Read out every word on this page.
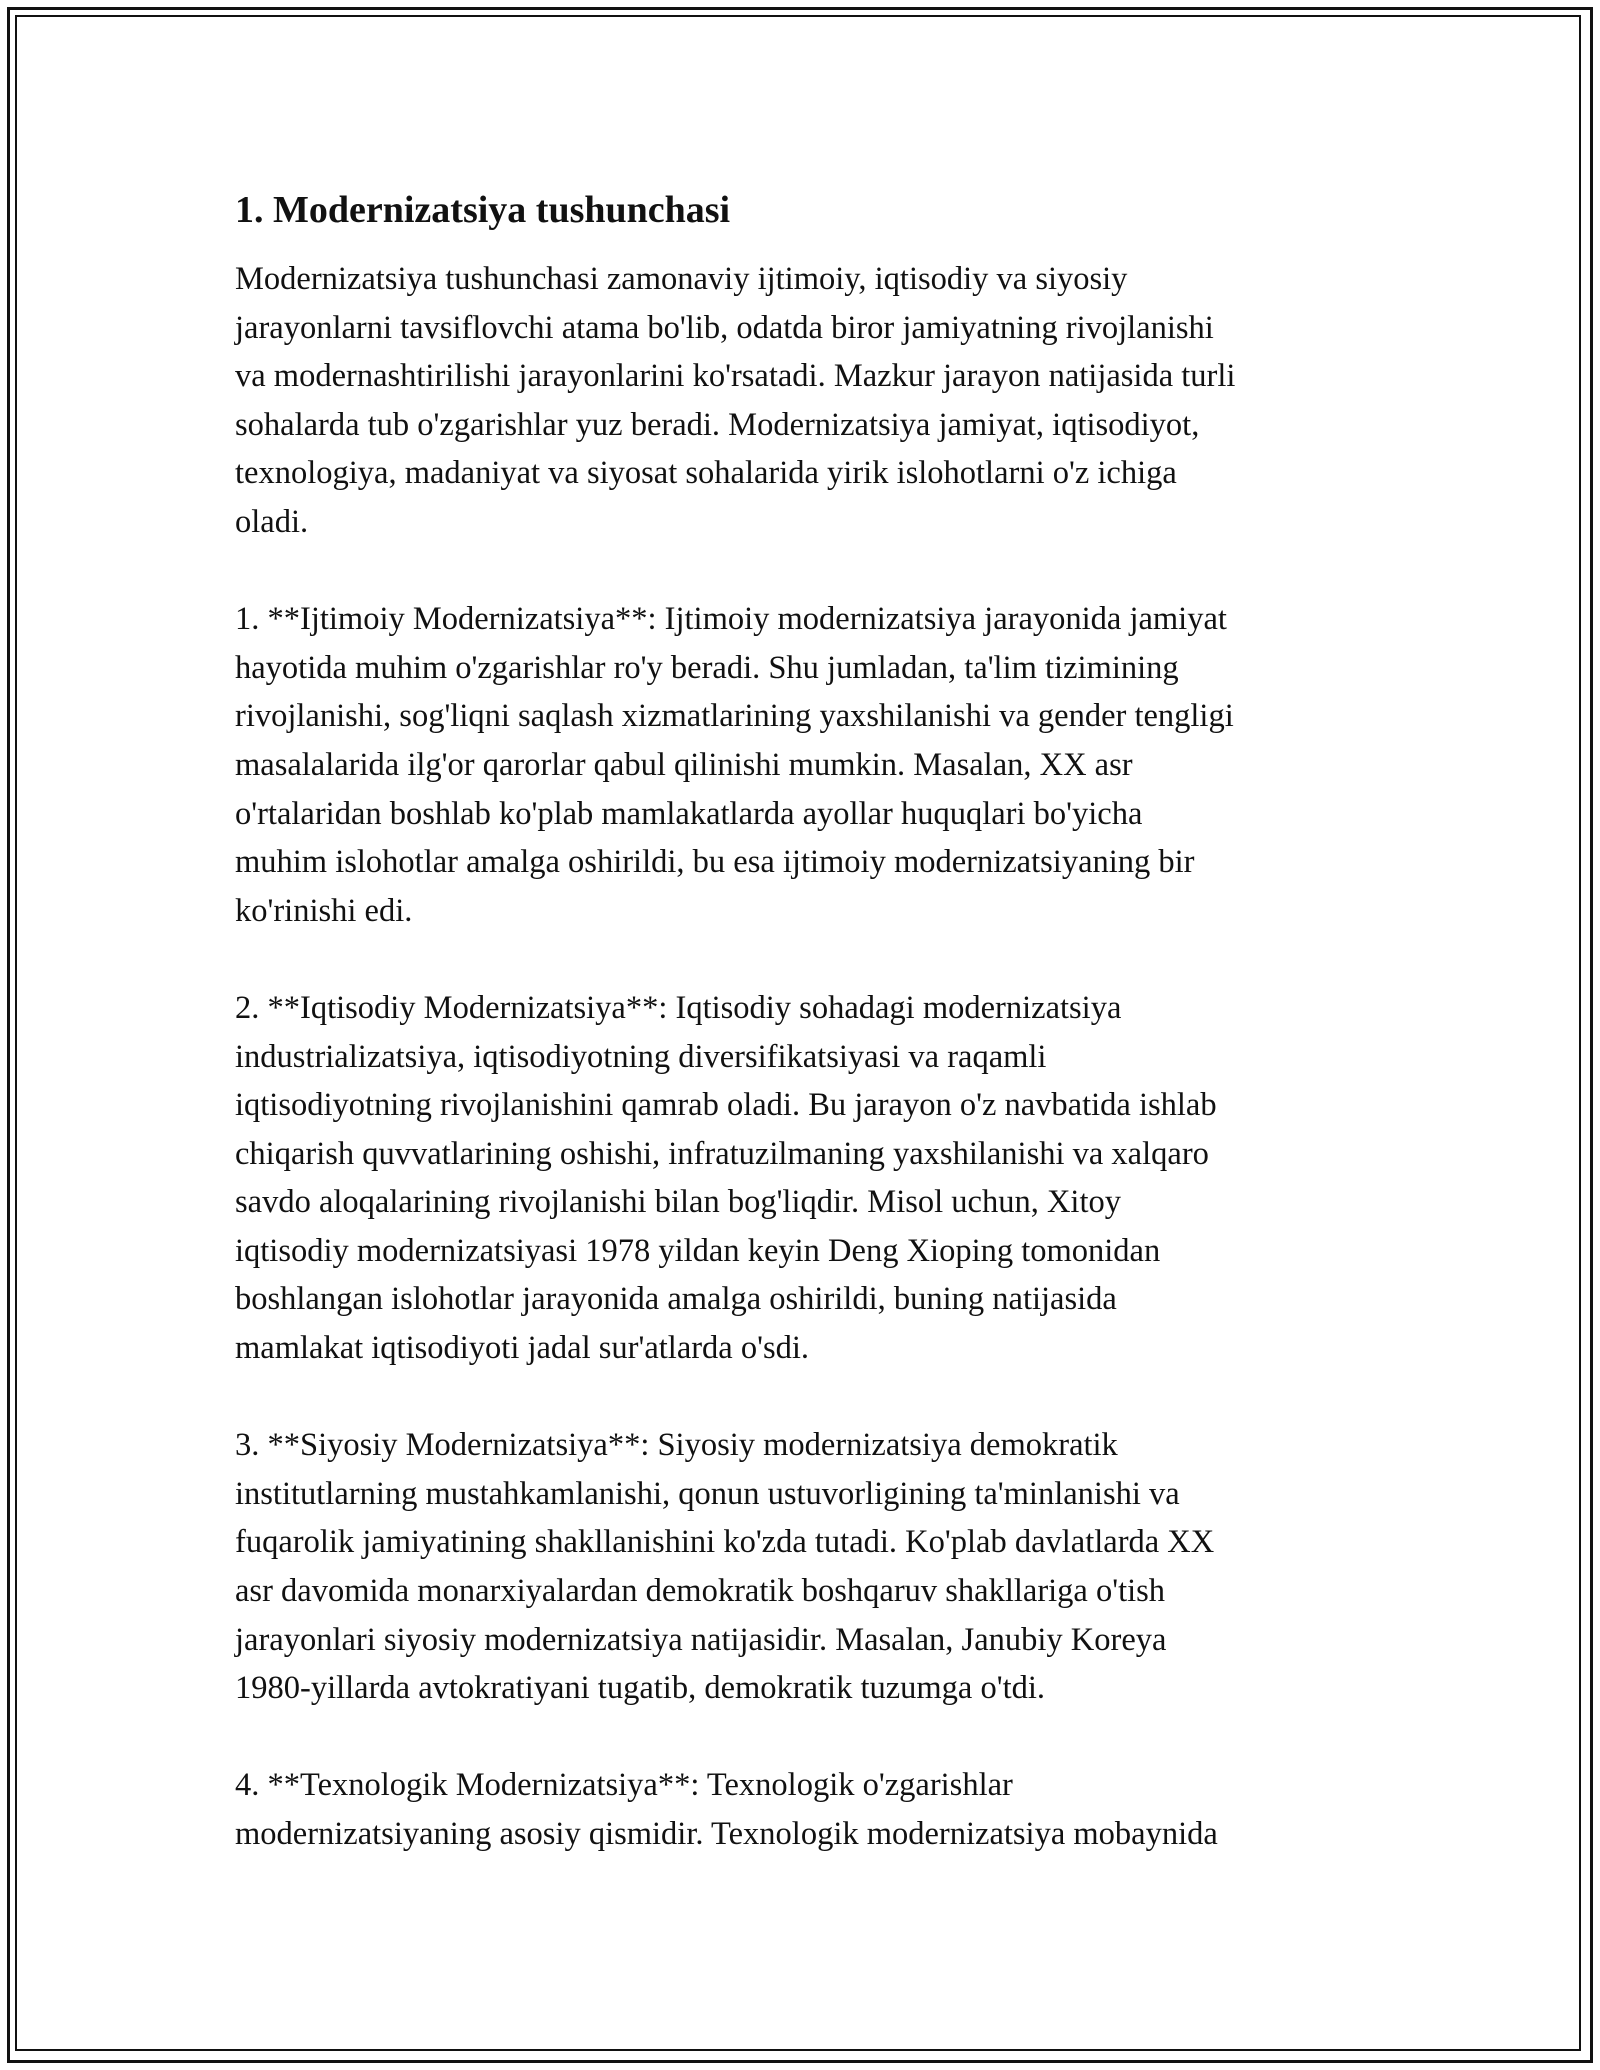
1. Modernizatsiya tushunchasi

Modernizatsiya tushunchasi zamonaviy ijtimoiy, iqtisodiy va siyosiy
jarayonlarni tavsiflovchi atama bo'lib, odatda biror jamiyatning rivojlanishi
va modernashtirilishi jarayonlarini ko'rsatadi. Mazkur jarayon natijasida turli
sohalarda tub o'zgarishlar yuz beradi. Modernizatsiya jamiyat, iqtisodiyot,
texnologiya, madaniyat va siyosat sohalarida yirik islohotlarni o'z ichiga
oladi.

1. **Ijtimoiy Modernizatsiya**: Ijtimoiy modernizatsiya jarayonida jamiyat
hayotida muhim o'zgarishlar ro'y beradi. Shu jumladan, ta'lim tizimining
rivojlanishi, sog'liqni saqlash xizmatlarining yaxshilanishi va gender tengligi
masalalarida ilg'or qarorlar qabul qilinishi mumkin. Masalan, XX asr
o'rtalaridan boshlab ko'plab mamlakatlarda ayollar huquqlari bo'yicha
muhim islohotlar amalga oshirildi, bu esa ijtimoiy modernizatsiyaning bir
ko'rinishi edi.

2. **Iqtisodiy Modernizatsiya**: Iqtisodiy sohadagi modernizatsiya
industrializatsiya, iqtisodiyotning diversifikatsiyasi va raqamli
iqtisodiyotning rivojlanishini qamrab oladi. Bu jarayon o'z navbatida ishlab
chiqarish quvvatlarining oshishi, infratuzilmaning yaxshilanishi va xalqaro
savdo aloqalarining rivojlanishi bilan bog'liqdir. Misol uchun, Xitoy
iqtisodiy modernizatsiyasi 1978 yildan keyin Deng Xioping tomonidan
boshlangan islohotlar jarayonida amalga oshirildi, buning natijasida
mamlakat iqtisodiyoti jadal sur'atlarda o'sdi.

3. **Siyosiy Modernizatsiya**: Siyosiy modernizatsiya demokratik
institutlarning mustahkamlanishi, qonun ustuvorligining ta'minlanishi va
fuqarolik jamiyatining shakllanishini ko'zda tutadi. Ko'plab davlatlarda XX
asr davomida monarxiyalardan demokratik boshqaruv shakllariga o'tish
jarayonlari siyosiy modernizatsiya natijasidir. Masalan, Janubiy Koreya
1980-yillarda avtokratiyani tugatib, demokratik tuzumga o'tdi.

4. **Texnologik Modernizatsiya**: Texnologik o'zgarishlar
modernizatsiyaning asosiy qismidir. Texnologik modernizatsiya mobaynida
